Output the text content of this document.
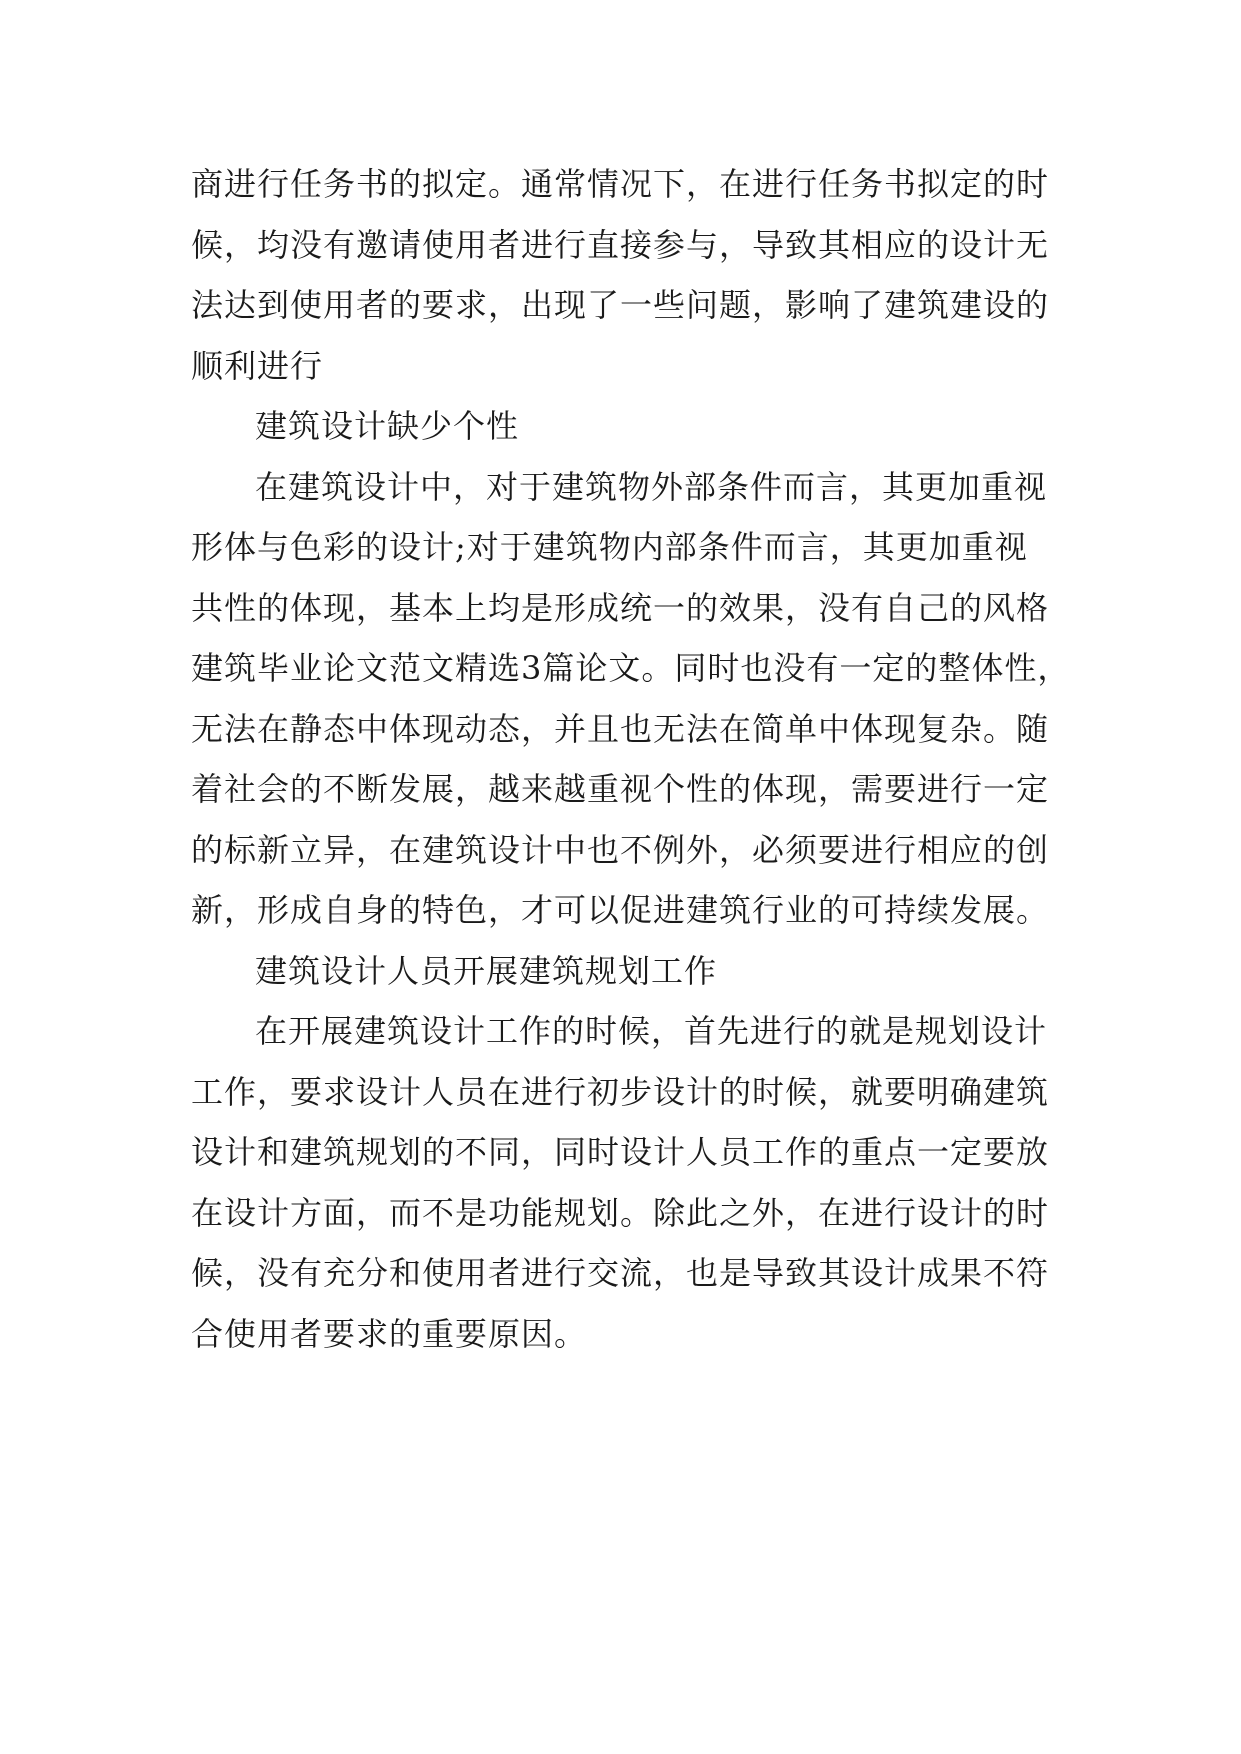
商进行任务书的拟定。通常情况下，在进行任务书拟定的时
候，均没有邀请使用者进行直接参与，导致其相应的设计无
法达到使用者的要求，出现了一些问题，影响了建筑建设的
顺利进行
建筑设计缺少个性
在建筑设计中，对于建筑物外部条件而言，其更加重视
形体与色彩的设计;对于建筑物内部条件而言，其更加重视
共性的体现，基本上均是形成统一的效果，没有自己的风格
建筑毕业论文范文精选3篇论文。同时也没有一定的整体性，
无法在静态中体现动态，并且也无法在简单中体现复杂。随
着社会的不断发展，越来越重视个性的体现，需要进行一定
的标新立异，在建筑设计中也不例外，必须要进行相应的创
新，形成自身的特色，才可以促进建筑行业的可持续发展。
建筑设计人员开展建筑规划工作
在开展建筑设计工作的时候，首先进行的就是规划设计
工作，要求设计人员在进行初步设计的时候，就要明确建筑
设计和建筑规划的不同，同时设计人员工作的重点一定要放
在设计方面，而不是功能规划。除此之外，在进行设计的时
候，没有充分和使用者进行交流，也是导致其设计成果不符
合使用者要求的重要原因。
